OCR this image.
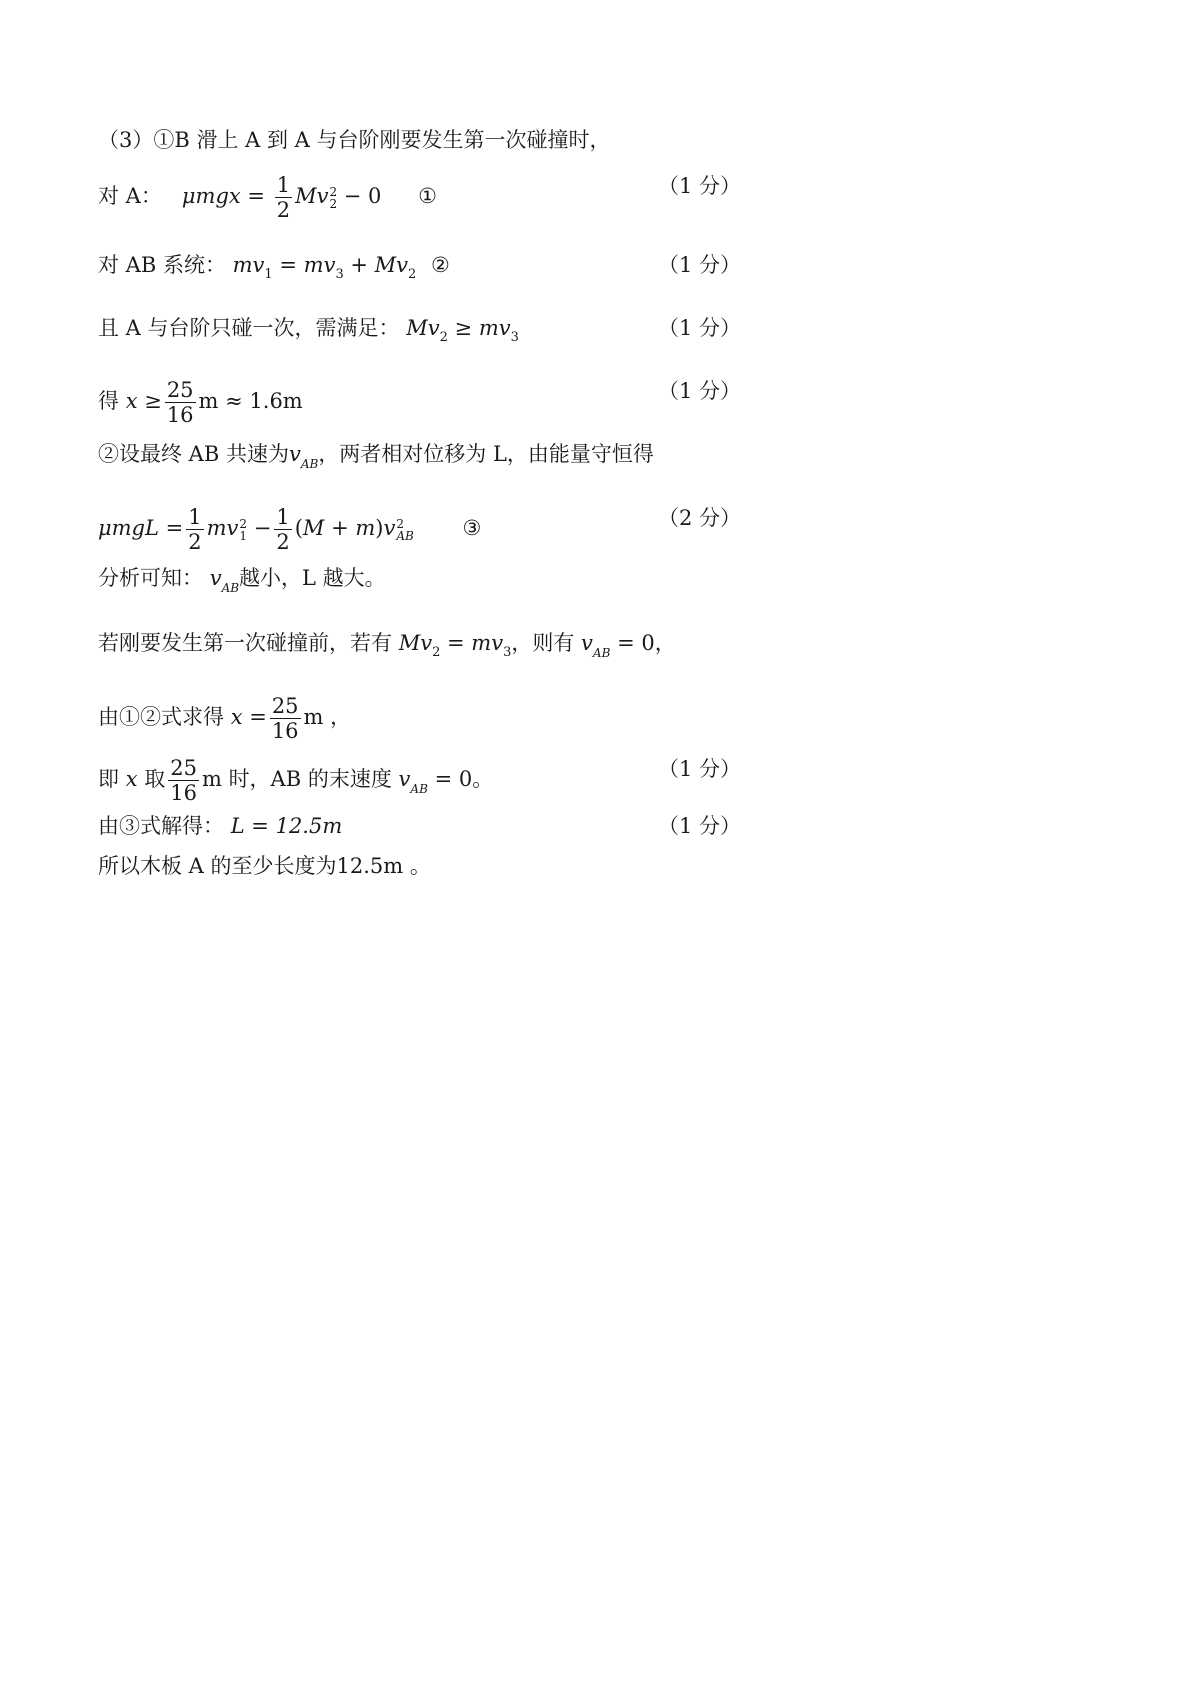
（3）①B 滑上 A 到 A 与台阶刚要发生第一次碰撞时，
对 A： $\mu mgx = \frac{1}{2}$ Mv 2
2 − 0 ①	（1 分）
对 AB 系统： $mv_1 = mv_3 + Mv_2$ ②	（1 分）
且 A 与台阶只碰一次，需满足： $Mv_2 \ge mv_3$	（1 分）
得 $x \ge \frac{25}{16}$ m ≈ 1.6m	（1 分）
②设最终 AB 共速为$v_{AB}$，两者相对位移为 L，由能量守恒得
$\mu mgL = \frac{1}{2}$ mv 2
$1 - \frac{1}{2} (M + m)v$ 2
AB ③	（2 分）
分析可知： $v_{AB}$越小，L 越大。
若刚要发生第一次碰撞前，若有 $Mv_2 = mv_3$，则有 $v_{AB} = 0$，
由①②式求得 $x = \frac{25}{16}$ m ，
即 x 取 $\frac{25}{16}$ m 时，AB 的末速度 $v_{AB} = 0$。	（1 分）
由③式解得： L = 12.5m	（1 分）
所以木板 A 的至少长度为12.5m 。
